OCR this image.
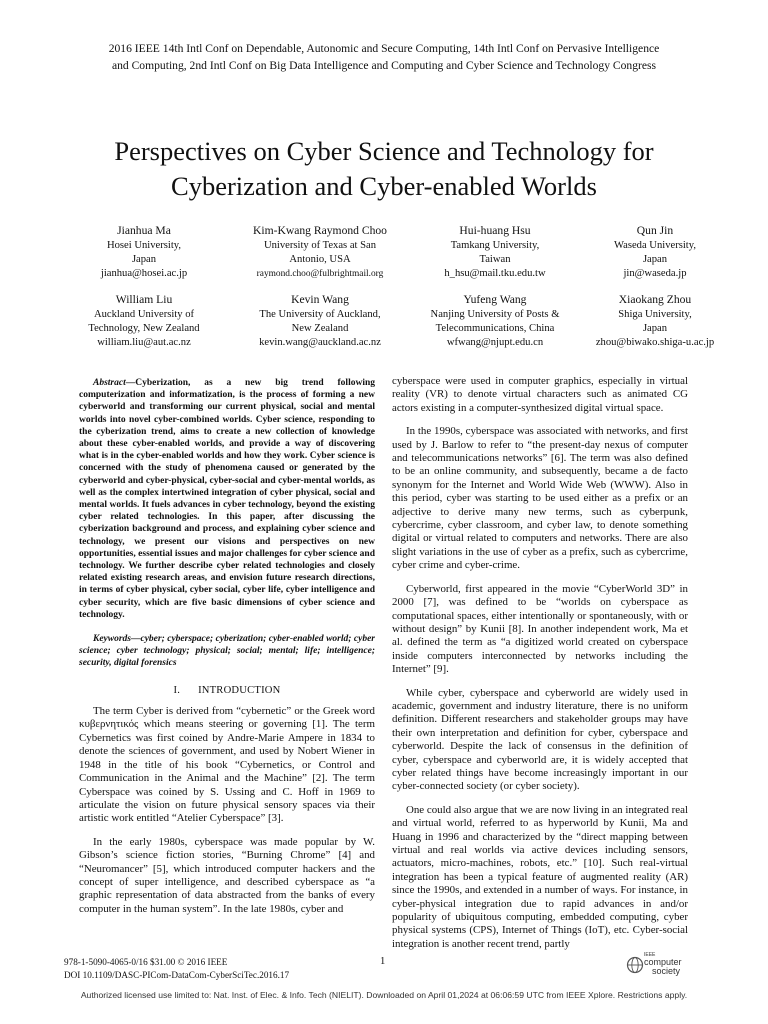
2016 IEEE 14th Intl Conf on Dependable, Autonomic and Secure Computing, 14th Intl Conf on Pervasive Intelligence
and Computing, 2nd Intl Conf on Big Data Intelligence and Computing and Cyber Science and Technology Congress
Perspectives on Cyber Science and Technology for
Cyberization and Cyber-enabled Worlds
Jianhua Ma
Hosei University,
Japan
jianhua@hosei.ac.jp
Kim-Kwang Raymond Choo
University of Texas at San
Antonio, USA
raymond.choo@fulbrightmail.org
Hui-huang Hsu
Tamkang University,
Taiwan
h_hsu@mail.tku.edu.tw
Qun Jin
Waseda University,
Japan
jin@waseda.jp
William Liu
Auckland University of
Technology, New Zealand
william.liu@aut.ac.nz
Kevin Wang
The University of Auckland,
New Zealand
kevin.wang@auckland.ac.nz
Yufeng Wang
Nanjing University of Posts &
Telecommunications, China
wfwang@njupt.edu.cn
Xiaokang Zhou
Shiga University,
Japan
zhou@biwako.shiga-u.ac.jp

Abstract—Cyberization, as a new big trend following computerization and informatization, is the process of forming a new cyberworld and transforming our current physical, social and mental worlds into novel cyber-combined worlds. Cyber science, responding to the cyberization trend, aims to create a new collection of knowledge about these cyber-enabled worlds, and provide a way of discovering what is in the cyber-enabled worlds and how they work. Cyber science is concerned with the study of phenomena caused or generated by the cyberworld and cyber-physical, cyber-social and cyber-mental worlds, as well as the complex intertwined integration of cyber physical, social and mental worlds. It fuels advances in cyber technology, beyond the existing cyber related technologies. In this paper, after discussing the cyberization background and process, and explaining cyber science and technology, we present our visions and perspectives on new opportunities, essential issues and major challenges for cyber science and technology. We further describe cyber related technologies and closely related existing research areas, and envision future research directions, in terms of cyber physical, cyber social, cyber life, cyber intelligence and cyber security, which are five basic dimensions of cyber science and technology.

Keywords—cyber; cyberspace; cyberization; cyber-enabled world; cyber science; cyber technology; physical; social; mental; life; intelligence; security, digital forensics

I. INTRODUCTION

The term Cyber is derived from “cybernetic” or the Greek word κυβερνητικός which means steering or governing [1]. The term Cybernetics was first coined by Andre-Marie Ampere in 1834 to denote the sciences of government, and used by Nobert Wiener in 1948 in the title of his book “Cybernetics, or Control and Communication in the Animal and the Machine” [2]. The term Cyberspace was coined by S. Ussing and C. Hoff in 1969 to articulate the vision on future physical sensory spaces via their artistic work entitled “Atelier Cyberspace” [3].

In the early 1980s, cyberspace was made popular by W. Gibson’s science fiction stories, “Burning Chrome” [4] and “Neuromancer” [5], which introduced computer hackers and the concept of super intelligence, and described cyberspace as “a graphic representation of data abstracted from the banks of every computer in the human system”. In the late 1980s, cyber and

cyberspace were used in computer graphics, especially in virtual reality (VR) to denote virtual characters such as animated CG actors existing in a computer-synthesized digital virtual space.

In the 1990s, cyberspace was associated with networks, and first used by J. Barlow to refer to “the present-day nexus of computer and telecommunications networks” [6]. The term was also defined to be an online community, and subsequently, became a de facto synonym for the Internet and World Wide Web (WWW). Also in this period, cyber was starting to be used either as a prefix or an adjective to derive many new terms, such as cyberpunk, cybercrime, cyber classroom, and cyber law, to denote something digital or virtual related to computers and networks. There are also slight variations in the use of cyber as a prefix, such as cybercrime, cyber crime and cyber-crime.

Cyberworld, first appeared in the movie “CyberWorld 3D” in 2000 [7], was defined to be “worlds on cyberspace as computational spaces, either intentionally or spontaneously, with or without design” by Kunii [8]. In another independent work, Ma et al. defined the term as “a digitized world created on cyberspace inside computers interconnected by networks including the Internet” [9].

While cyber, cyberspace and cyberworld are widely used in academic, government and industry literature, there is no uniform definition. Different researchers and stakeholder groups may have their own interpretation and definition for cyber, cyberspace and cyberworld. Despite the lack of consensus in the definition of cyber, cyberspace and cyberworld are, it is widely accepted that cyber related things have become increasingly important in our cyber-connected society (or cyber society).

One could also argue that we are now living in an integrated real and virtual world, referred to as hyperworld by Kunii, Ma and Huang in 1996 and characterized by the “direct mapping between virtual and real worlds via active devices including sensors, actuators, micro-machines, robots, etc.” [10]. Such real-virtual integration has been a typical feature of augmented reality (AR) since the 1990s, and extended in a number of ways. For instance, in cyber-physical integration due to rapid advances in and/or popularity of ubiquitous computing, embedded computing, cyber physical systems (CPS), Internet of Things (IoT), etc. Cyber-social integration is another recent trend, partly

978-1-5090-4065-0/16 $31.00 © 2016 IEEE
DOI 10.1109/DASC-PICom-DataCom-CyberSciTec.2016.17
1
IEEE
computer
society
Authorized licensed use limited to: Nat. Inst. of Elec. & Info. Tech (NIELIT). Downloaded on April 01,2024 at 06:06:59 UTC from IEEE Xplore. Restrictions apply.
